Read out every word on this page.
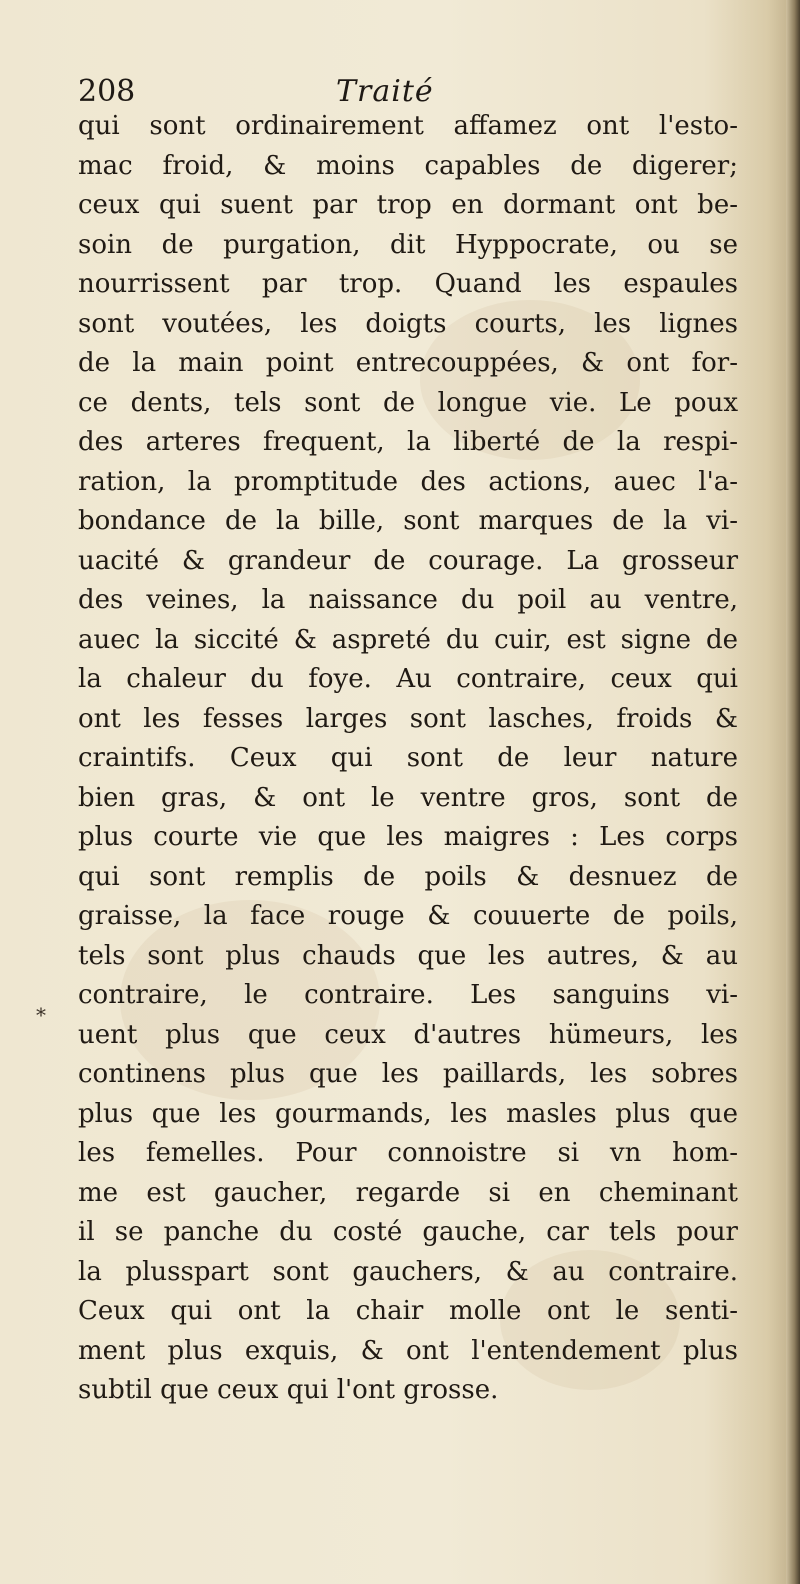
208	Traité
*
qui sont ordinairement affamez ont l'esto-
mac froid, & moins capables de digerer;
ceux qui suent par trop en dormant ont be-
soin de purgation, dit Hyppocrate, ou se
nourrissent par trop. Quand les espaules
sont voutées, les doigts courts, les lignes
de la main point entrecouppées, & ont for-
ce dents, tels sont de longue vie. Le poux
des arteres frequent, la liberté de la respi-
ration, la promptitude des actions, auec l'a-
bondance de la bille, sont marques de la vi-
uacité & grandeur de courage. La grosseur
des veines, la naissance du poil au ventre,
auec la siccité & aspreté du cuir, est signe de
la chaleur du foye. Au contraire, ceux qui
ont les fesses larges sont lasches, froids &
craintifs. Ceux qui sont de leur nature
bien gras, & ont le ventre gros, sont de
plus courte vie que les maigres : Les corps
qui sont remplis de poils & desnuez de
graisse, la face rouge & couuerte de poils,
tels sont plus chauds que les autres, & au
contraire, le contraire. Les sanguins vi-
uent plus que ceux d'autres hümeurs, les
continens plus que les paillards, les sobres
plus que les gourmands, les masles plus que
les femelles. Pour connoistre si vn hom-
me est gaucher, regarde si en cheminant
il se panche du costé gauche, car tels pour
la plusspart sont gauchers, & au contraire.
Ceux qui ont la chair molle ont le senti-
ment plus exquis, & ont l'entendement plus
subtil que ceux qui l'ont grosse.
